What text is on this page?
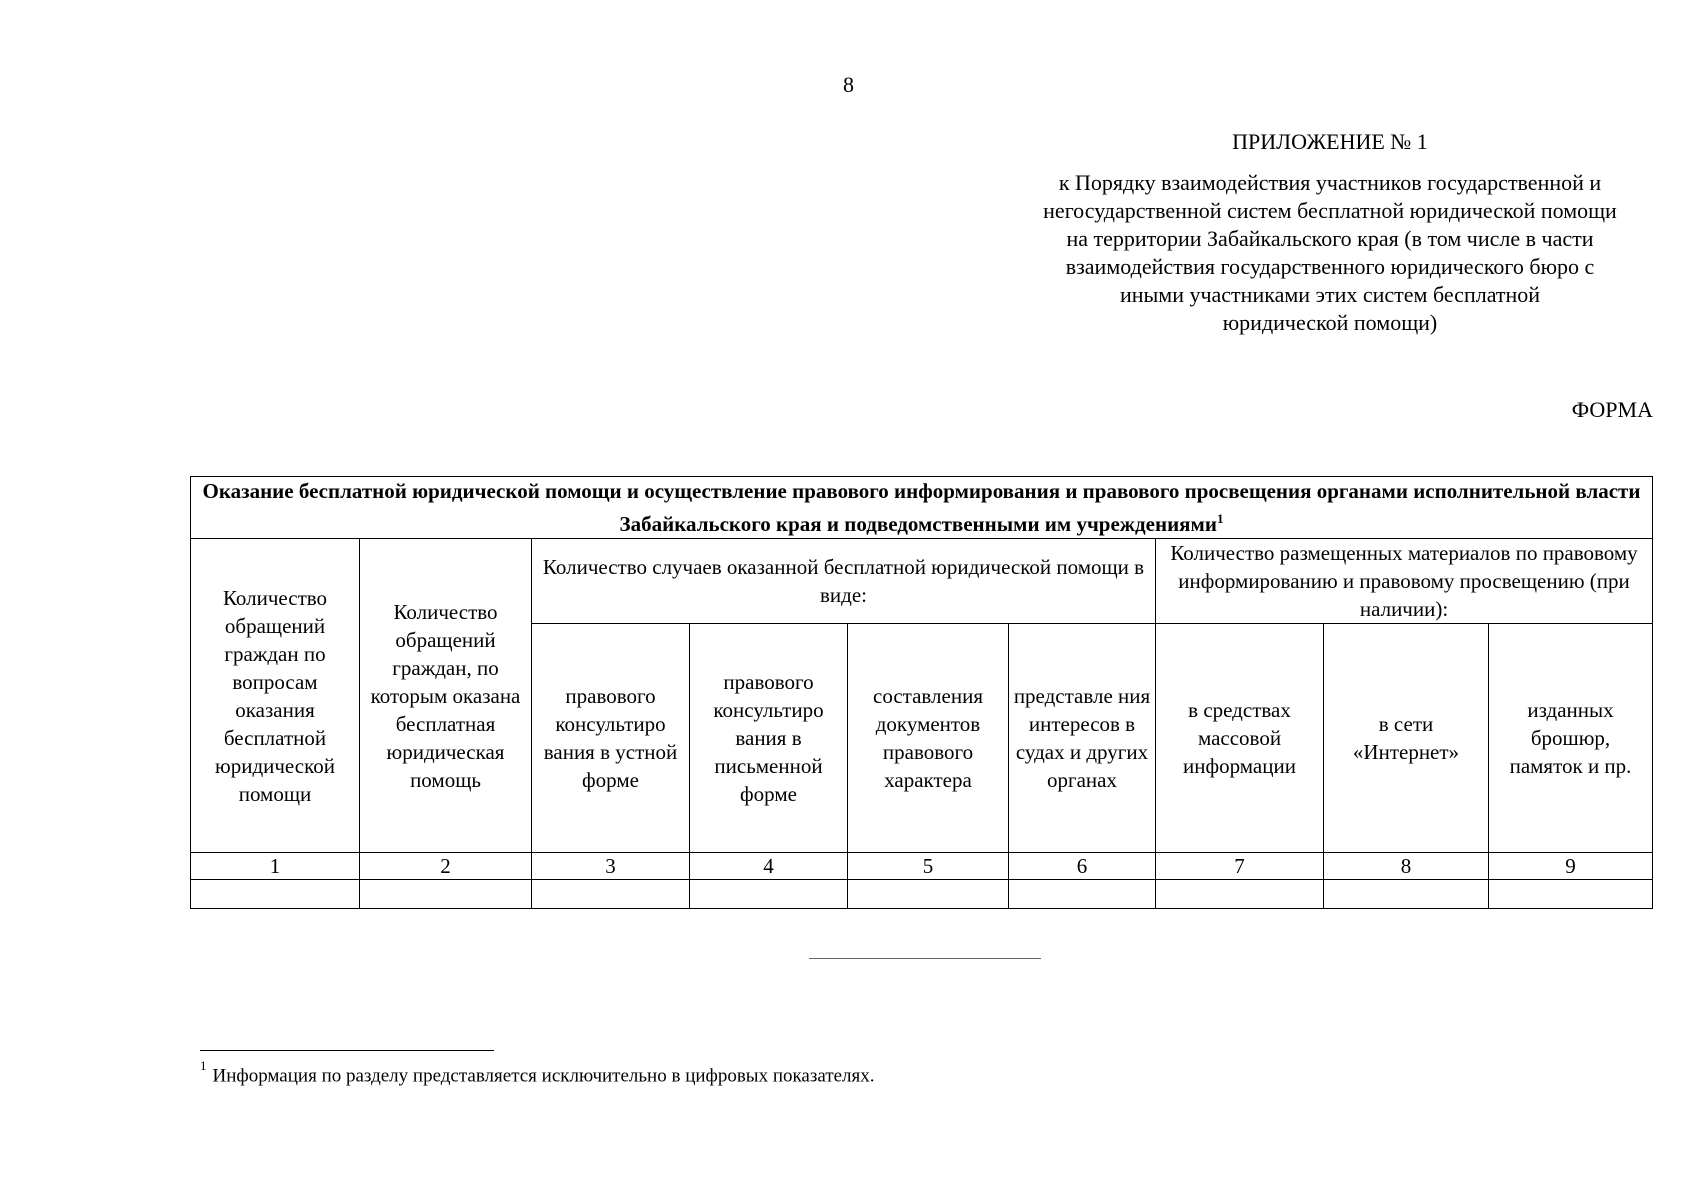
8
ПРИЛОЖЕНИЕ № 1
к Порядку взаимодействия участников государственной и
негосударственной систем бесплатной юридической помощи
на территории Забайкальского края (в том числе в части
взаимодействия государственного юридического бюро с
иными участниками этих систем бесплатной
юридической помощи)
ФОРМА
Оказание бесплатной юридической помощи и осуществление правового информирования и правового просвещения органами исполнительной власти Забайкальского края и подведомственными им учреждениями$^1$
Количество обращений граждан по вопросам оказания бесплатной юридической помощи	Количество обращений граждан, по которым оказана бесплатная юридическая помощь	Количество случаев оказанной бесплатной юридической помощи в виде:				Количество размещенных материалов по правовому информированию и правовому просвещению (при наличии):		
		правового консультиро вания в устной форме	правового консультиро вания в письменной форме	составления документов правового характера	представле ния интересов в судах и других органах	в средствах массовой информации	в сети «Интернет»	изданных брошюр, памяток и пр.
1	2	3	4	5	6	7	8	9

$^1$ Информация по разделу представляется исключительно в цифровых показателях.
